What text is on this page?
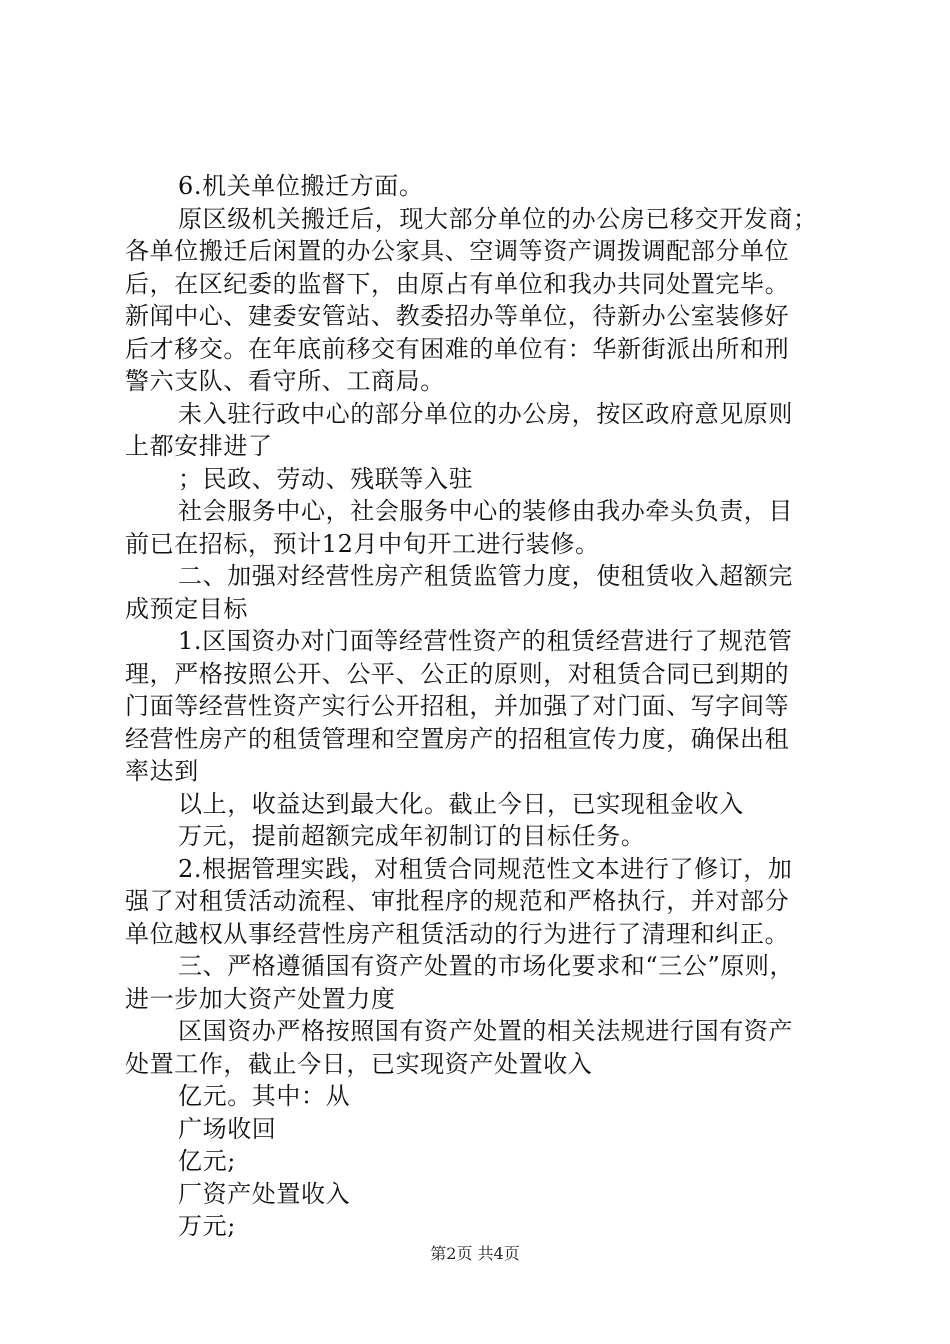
6.机关单位搬迁方面。
原区级机关搬迁后，现大部分单位的办公房已移交开发商；
各单位搬迁后闲置的办公家具、空调等资产调拨调配部分单位
后，在区纪委的监督下，由原占有单位和我办共同处置完毕。
新闻中心、建委安管站、教委招办等单位，待新办公室装修好
后才移交。在年底前移交有困难的单位有：华新街派出所和刑
警六支队、看守所、工商局。
未入驻行政中心的部分单位的办公房，按区政府意见原则
上都安排进了
；民政、劳动、残联等入驻
社会服务中心，社会服务中心的装修由我办牵头负责，目
前已在招标，预计12月中旬开工进行装修。
二、加强对经营性房产租赁监管力度，使租赁收入超额完
成预定目标
1.区国资办对门面等经营性资产的租赁经营进行了规范管
理，严格按照公开、公平、公正的原则，对租赁合同已到期的
门面等经营性资产实行公开招租，并加强了对门面、写字间等
经营性房产的租赁管理和空置房产的招租宣传力度，确保出租
率达到
以上，收益达到最大化。截止今日，已实现租金收入
万元，提前超额完成年初制订的目标任务。
2.根据管理实践，对租赁合同规范性文本进行了修订，加
强了对租赁活动流程、审批程序的规范和严格执行，并对部分
单位越权从事经营性房产租赁活动的行为进行了清理和纠正。
三、严格遵循国有资产处置的市场化要求和“三公”原则，
进一步加大资产处置力度
区国资办严格按照国有资产处置的相关法规进行国有资产
处置工作，截止今日，已实现资产处置收入
亿元。其中：从
广场收回
亿元;
厂资产处置收入
万元;
第2页 共4页
